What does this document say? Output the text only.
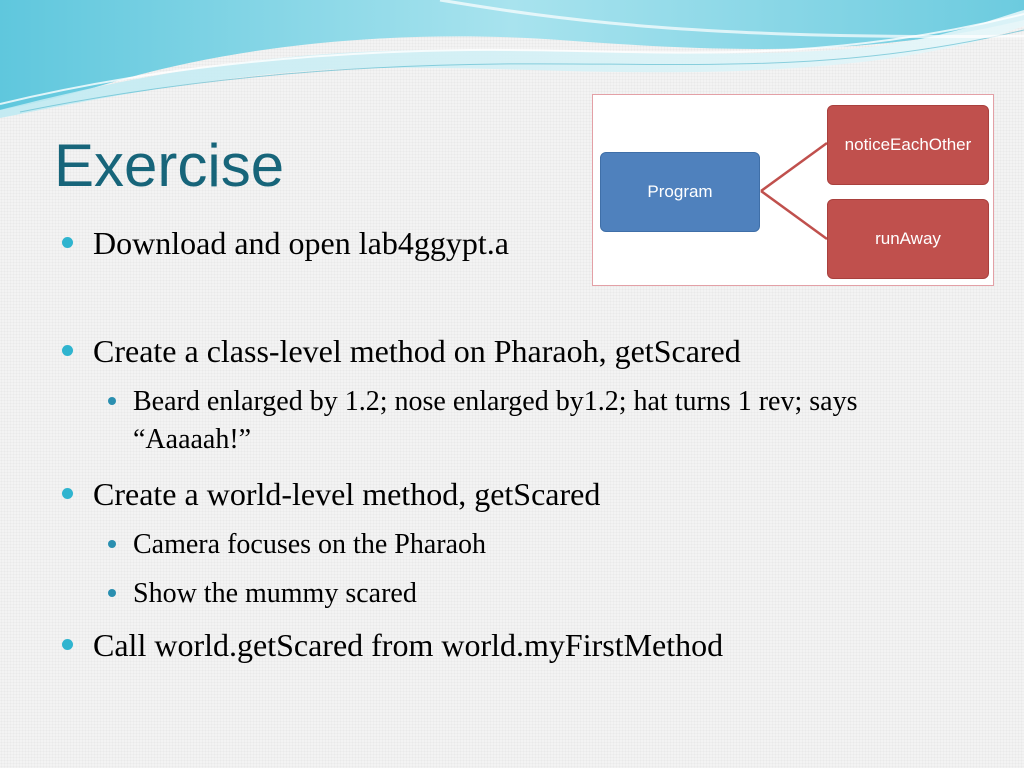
Exercise
Download and open lab4ggypt.a
Create a class-level method on Pharaoh, getScared
Beard enlarged by 1.2; nose enlarged by1.2; hat turns 1 rev; says “Aaaaah!”
Create a world-level method, getScared
Camera focuses on the Pharaoh
Show the mummy scared
Call world.getScared from world.myFirstMethod
Program
noticeEachOther
runAway
